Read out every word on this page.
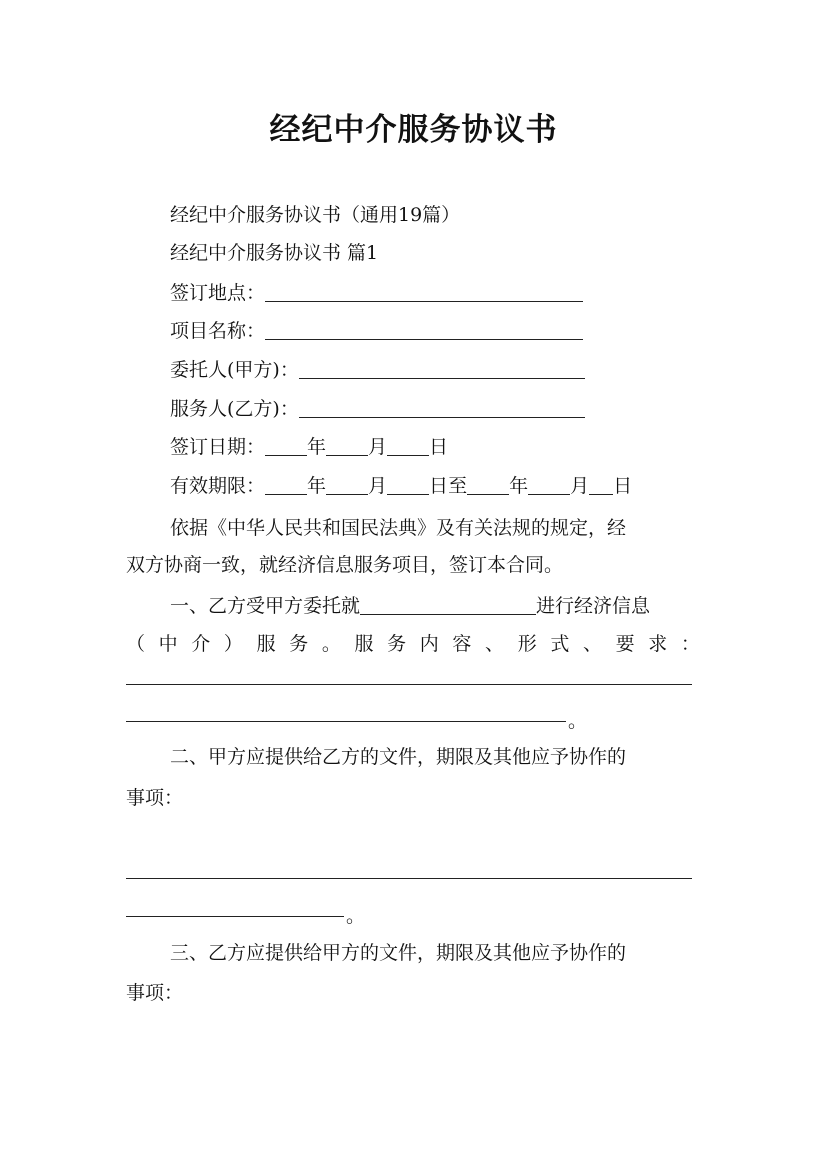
经纪中介服务协议书
经纪中介服务协议书（通用19篇）
经纪中介服务协议书 篇1
签订地点：
项目名称：
委托人(甲方)：
服务人(乙方)：
签订日期： 年 月 日
有效期限： 年 月 日至 年 月 日
依据《中华人民共和国民法典》及有关法规的规定，经
双方协商一致，就经济信息服务项目，签订本合同。
一、乙方受甲方委托就	进行经济信息
（ 中 介 ） 服 务 。 服 务 内 容 、 形 式 、 要 求 ：
。
二、甲方应提供给乙方的文件，期限及其他应予协作的
事项：
。
三、乙方应提供给甲方的文件，期限及其他应予协作的
事项：
